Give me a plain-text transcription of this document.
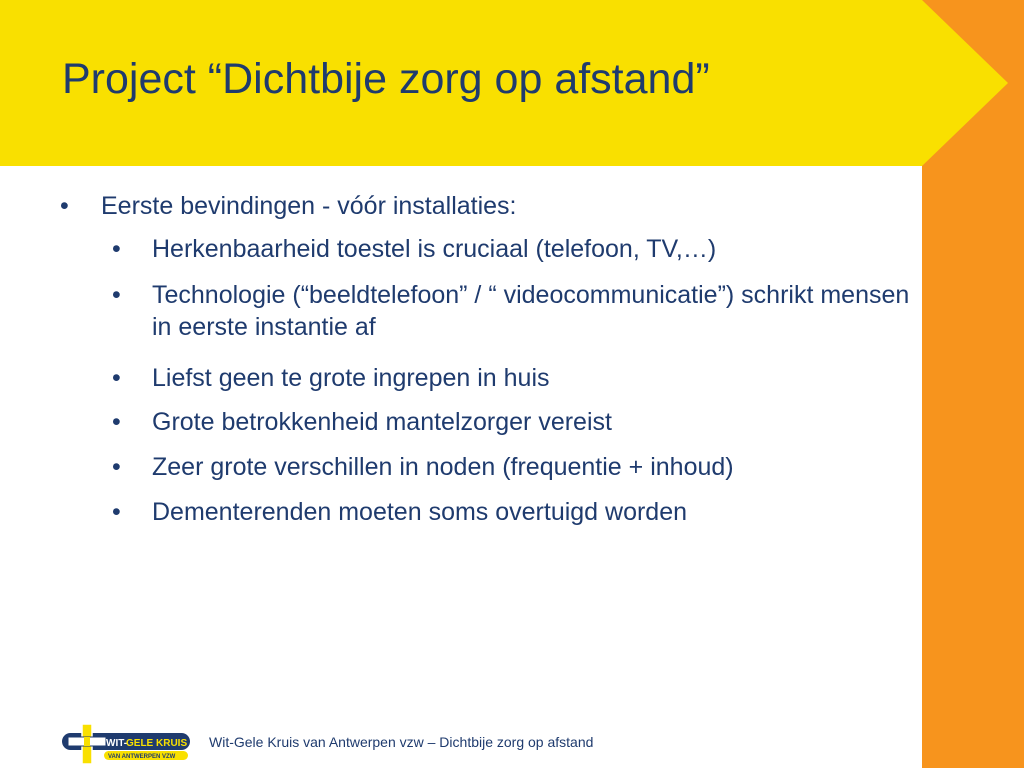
Project “Dichtbije zorg op afstand”
• Eerste bevindingen - vóór installaties:
• Herkenbaarheid toestel is cruciaal (telefoon, TV,…)
• Technologie (“beeldtelefoon” / “ videocommunicatie”) schrikt mensen in eerste instantie af
• Liefst geen te grote ingrepen in huis
• Grote betrokkenheid mantelzorger vereist
• Zeer grote verschillen in noden (frequentie + inhoud)
• Dementerenden moeten soms overtuigd worden
WIT-
GELE KRUIS
VAN ANTWERPEN VZW
Wit-Gele Kruis van Antwerpen vzw – Dichtbije zorg op afstand
